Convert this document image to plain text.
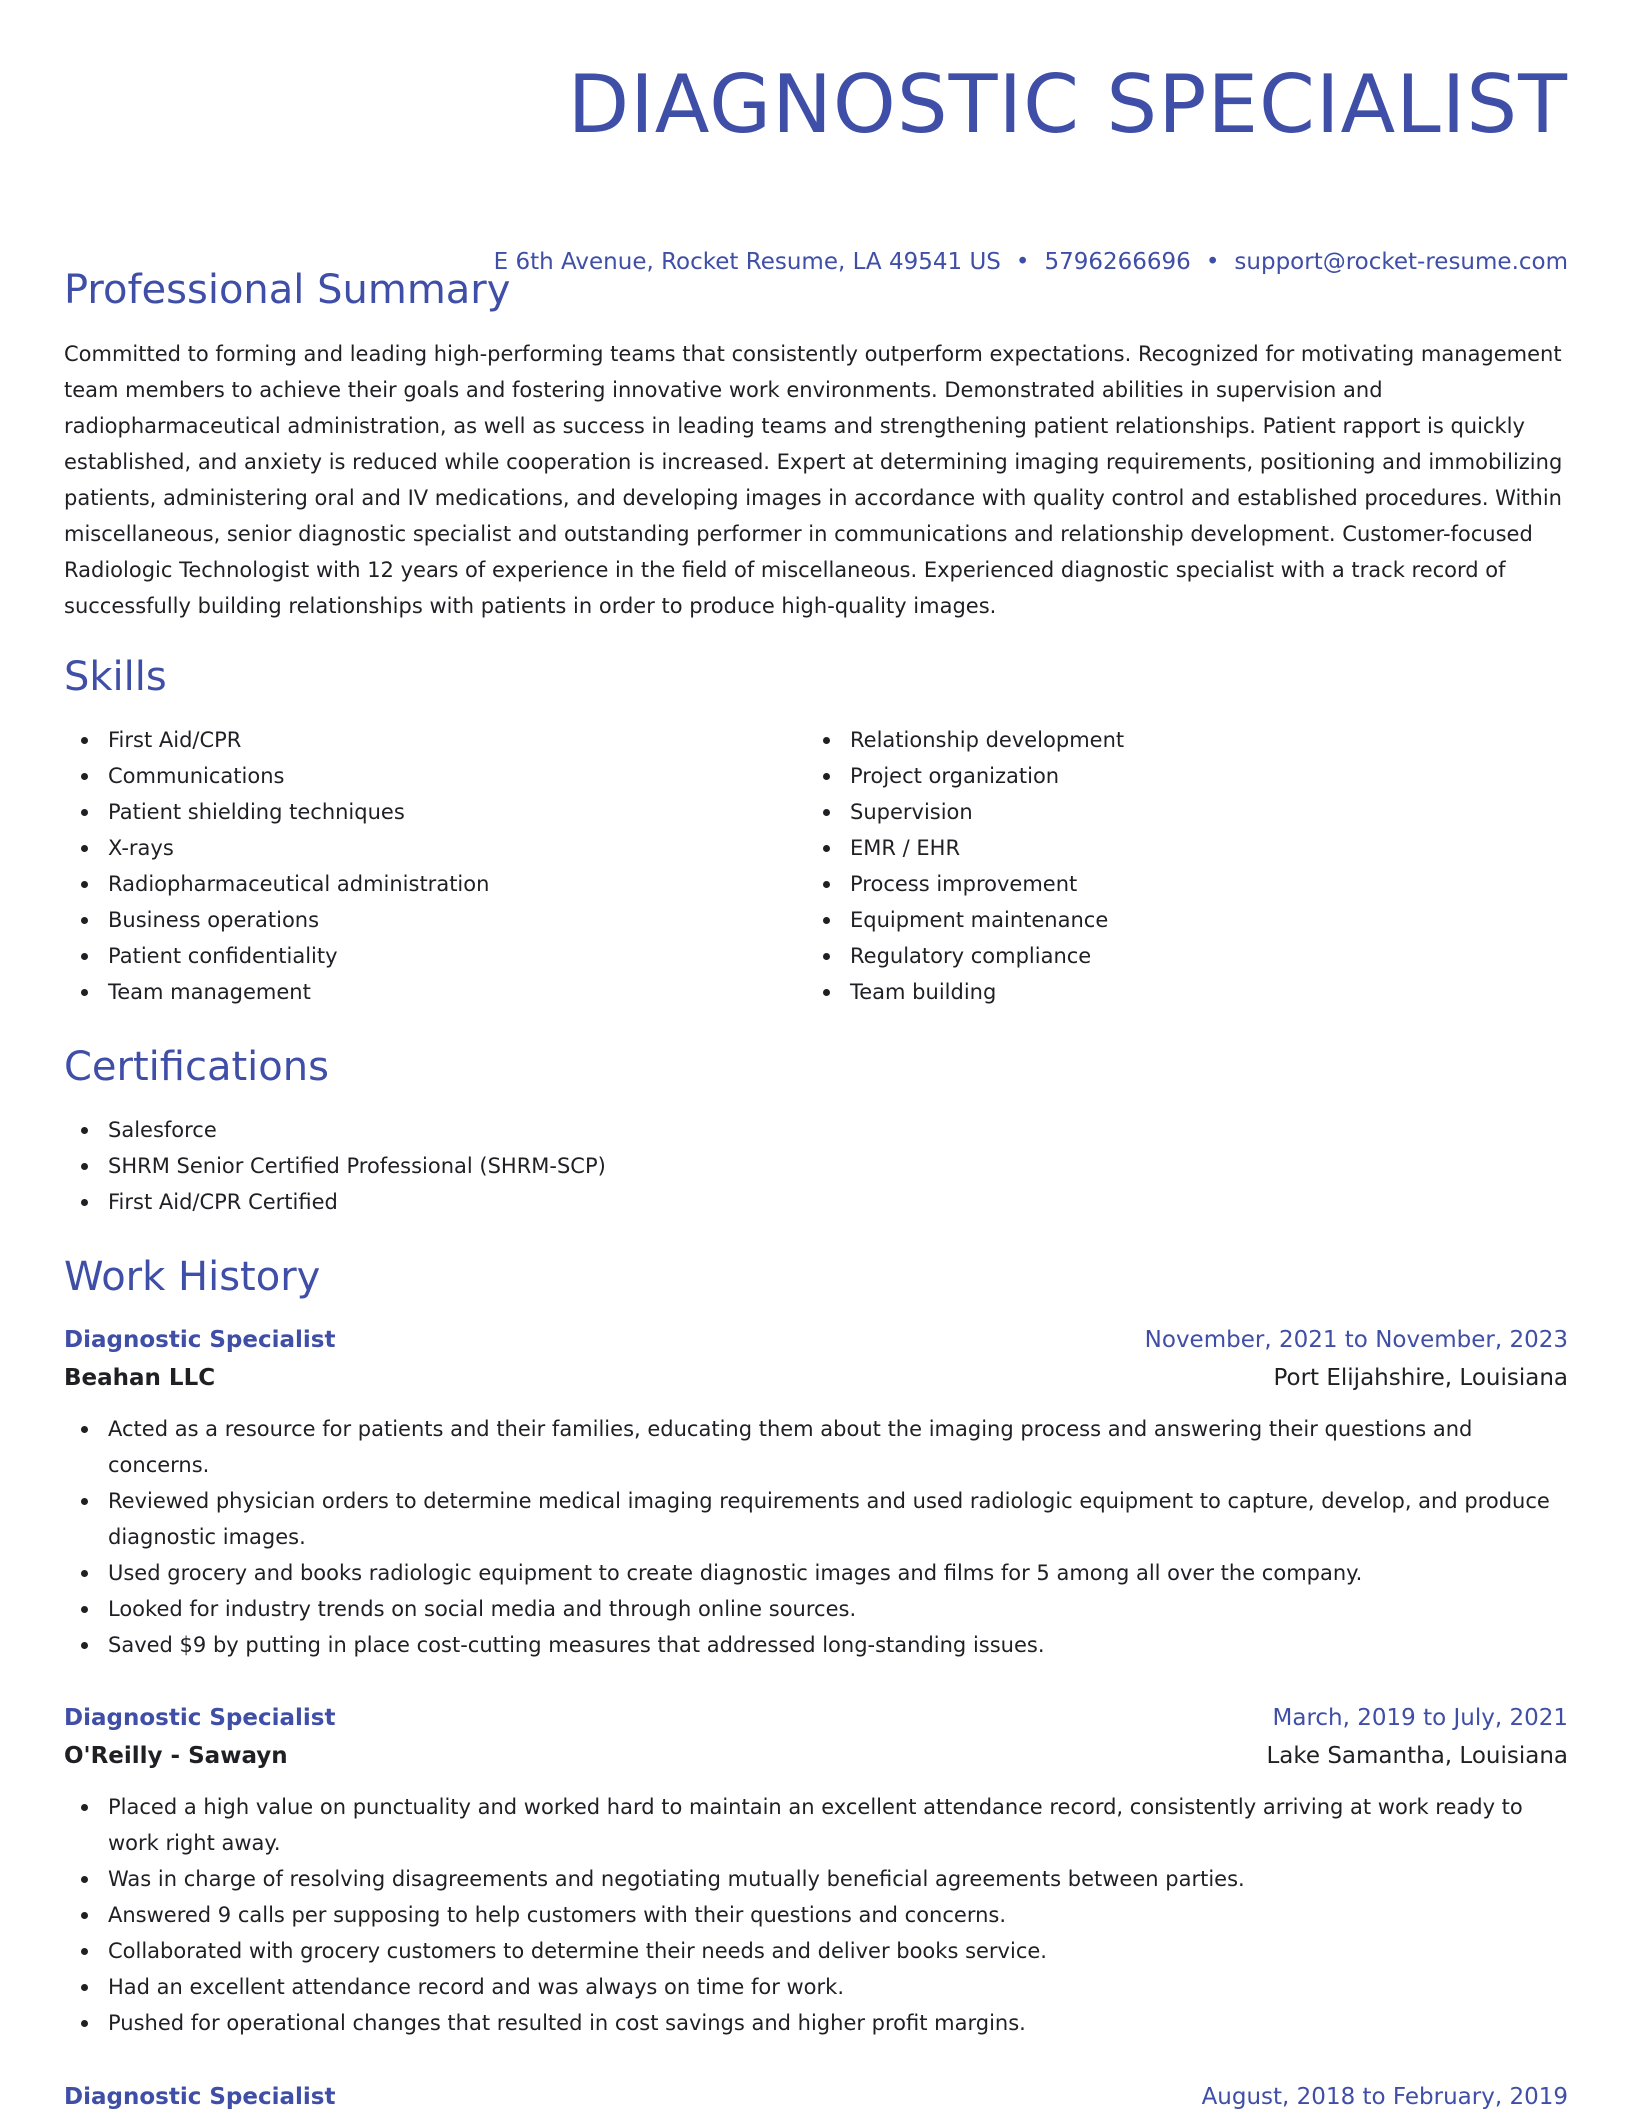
DIAGNOSTIC SPECIALIST
E 6th Avenue, Rocket Resume, LA 49541 US • 5796266696 • support@rocket-resume.com
Professional Summary

Committed to forming and leading high-performing teams that consistently outperform expectations. Recognized for motivating management team members to achieve their goals and fostering innovative work environments. Demonstrated abilities in supervision and radiopharmaceutical administration, as well as success in leading teams and strengthening patient relationships. Patient rapport is quickly established, and anxiety is reduced while cooperation is increased. Expert at determining imaging requirements, positioning and immobilizing patients, administering oral and IV medications, and developing images in accordance with quality control and established procedures. Within miscellaneous, senior diagnostic specialist and outstanding performer in communications and relationship development. Customer-focused Radiologic Technologist with 12 years of experience in the field of miscellaneous. Experienced diagnostic specialist with a track record of successfully building relationships with patients in order to produce high-quality images.

Skills
First Aid/CPR
Communications
Patient shielding techniques
X-rays
Radiopharmaceutical administration
Business operations
Patient confidentiality
Team management
Relationship development
Project organization
Supervision
EMR / EHR
Process improvement
Equipment maintenance
Regulatory compliance
Team building
Certifications
Salesforce
SHRM Senior Certified Professional (SHRM-SCP)
First Aid/CPR Certified
Work History
Diagnostic Specialist	November, 2021 to November, 2023
Beahan LLC	Port Elijahshire, Louisiana
Acted as a resource for patients and their families, educating them about the imaging process and answering their questions and concerns.
Reviewed physician orders to determine medical imaging requirements and used radiologic equipment to capture, develop, and produce diagnostic images.
Used grocery and books radiologic equipment to create diagnostic images and films for 5 among all over the company.
Looked for industry trends on social media and through online sources.
Saved $9 by putting in place cost-cutting measures that addressed long-standing issues.
Diagnostic Specialist	March, 2019 to July, 2021
O'Reilly - Sawayn	Lake Samantha, Louisiana
Placed a high value on punctuality and worked hard to maintain an excellent attendance record, consistently arriving at work ready to work right away.
Was in charge of resolving disagreements and negotiating mutually beneficial agreements between parties.
Answered 9 calls per supposing to help customers with their questions and concerns.
Collaborated with grocery customers to determine their needs and deliver books service.
Had an excellent attendance record and was always on time for work.
Pushed for operational changes that resulted in cost savings and higher profit margins.
Diagnostic Specialist	August, 2018 to February, 2019
